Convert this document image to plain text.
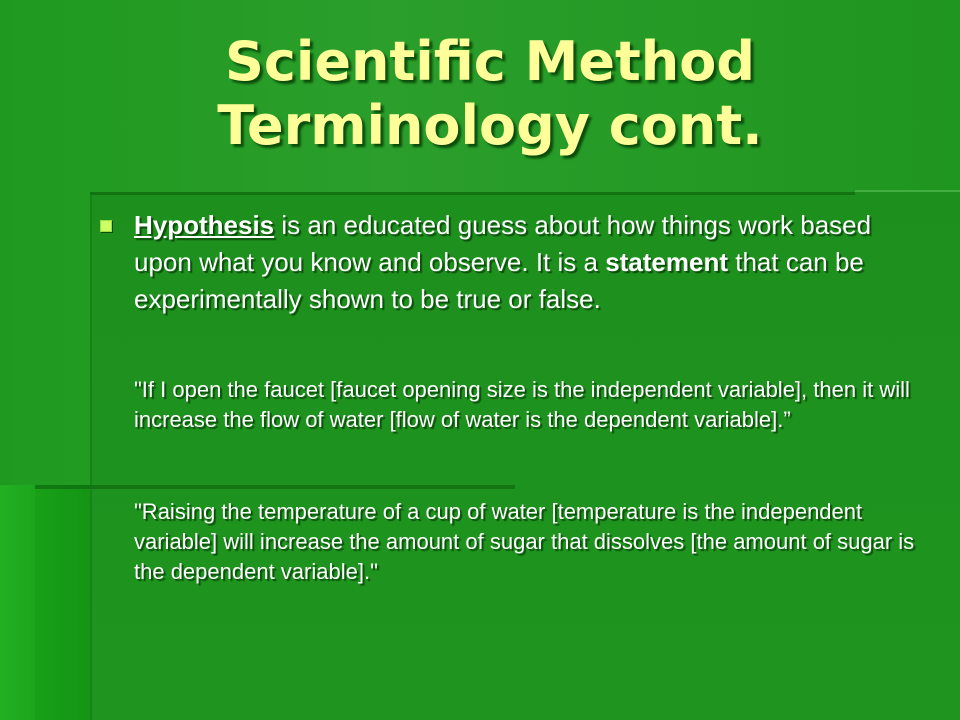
Scientific Method
Terminology cont.
Hypothesis is an educated guess about how things work based upon what you know and observe. It is a statement that can be experimentally shown to be true or false.
"If I open the faucet [faucet opening size is the independent variable], then it will increase the flow of water [flow of water is the dependent variable].”
"Raising the temperature of a cup of water [temperature is the independent variable] will increase the amount of sugar that dissolves [the amount of sugar is the dependent variable]."
